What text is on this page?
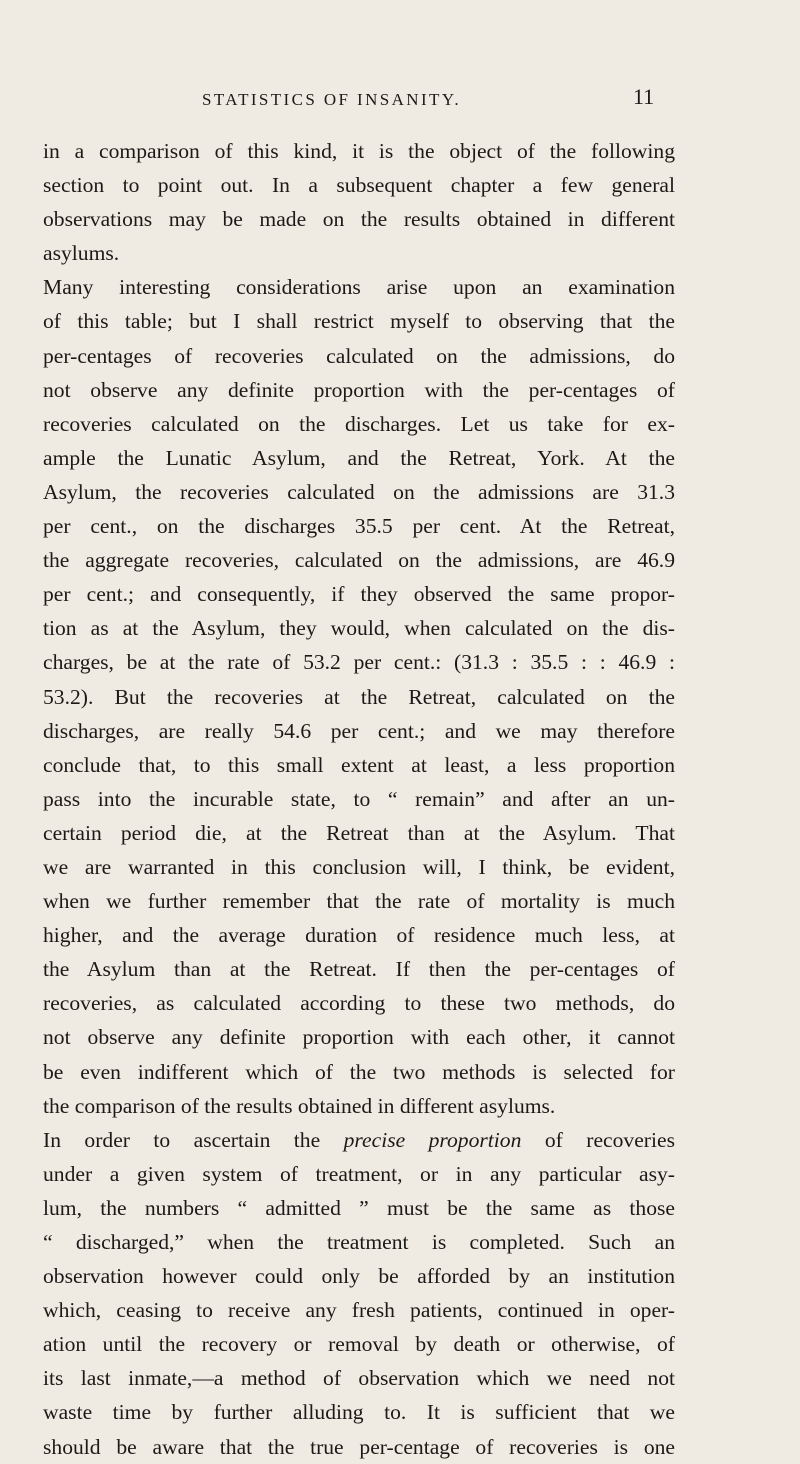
STATISTICS OF INSANITY.	11

in a comparison of this kind, it is the object of the following

section to point out. In a subsequent chapter a few general

observations may be made on the results obtained in different

asylums.

Many interesting considerations arise upon an examination

of this table; but I shall restrict myself to observing that the

per-centages of recoveries calculated on the admissions, do

not observe any definite proportion with the per-centages of

recoveries calculated on the discharges. Let us take for ex-

ample the Lunatic Asylum, and the Retreat, York. At the

Asylum, the recoveries calculated on the admissions are 31.3

per cent., on the discharges 35.5 per cent. At the Retreat,

the aggregate recoveries, calculated on the admissions, are 46.9

per cent.; and consequently, if they observed the same propor-

tion as at the Asylum, they would, when calculated on the dis-

charges, be at the rate of 53.2 per cent.: (31.3 : 35.5 : : 46.9 :

53.2). But the recoveries at the Retreat, calculated on the

discharges, are really 54.6 per cent.; and we may therefore

conclude that, to this small extent at least, a less proportion

pass into the incurable state, to “ remain” and after an un-

certain period die, at the Retreat than at the Asylum. That

we are warranted in this conclusion will, I think, be evident,

when we further remember that the rate of mortality is much

higher, and the average duration of residence much less, at

the Asylum than at the Retreat. If then the per-centages of

recoveries, as calculated according to these two methods, do

not observe any definite proportion with each other, it cannot

be even indifferent which of the two methods is selected for

the comparison of the results obtained in different asylums.

In order to ascertain the precise proportion of recoveries

under a given system of treatment, or in any particular asy-

lum, the numbers “ admitted ” must be the same as those

“ discharged,” when the treatment is completed. Such an

observation however could only be afforded by an institution

which, ceasing to receive any fresh patients, continued in oper-

ation until the recovery or removal by death or otherwise, of

its last inmate,—a method of observation which we need not

waste time by further alluding to. It is sufficient that we

should be aware that the true per-centage of recoveries is one
